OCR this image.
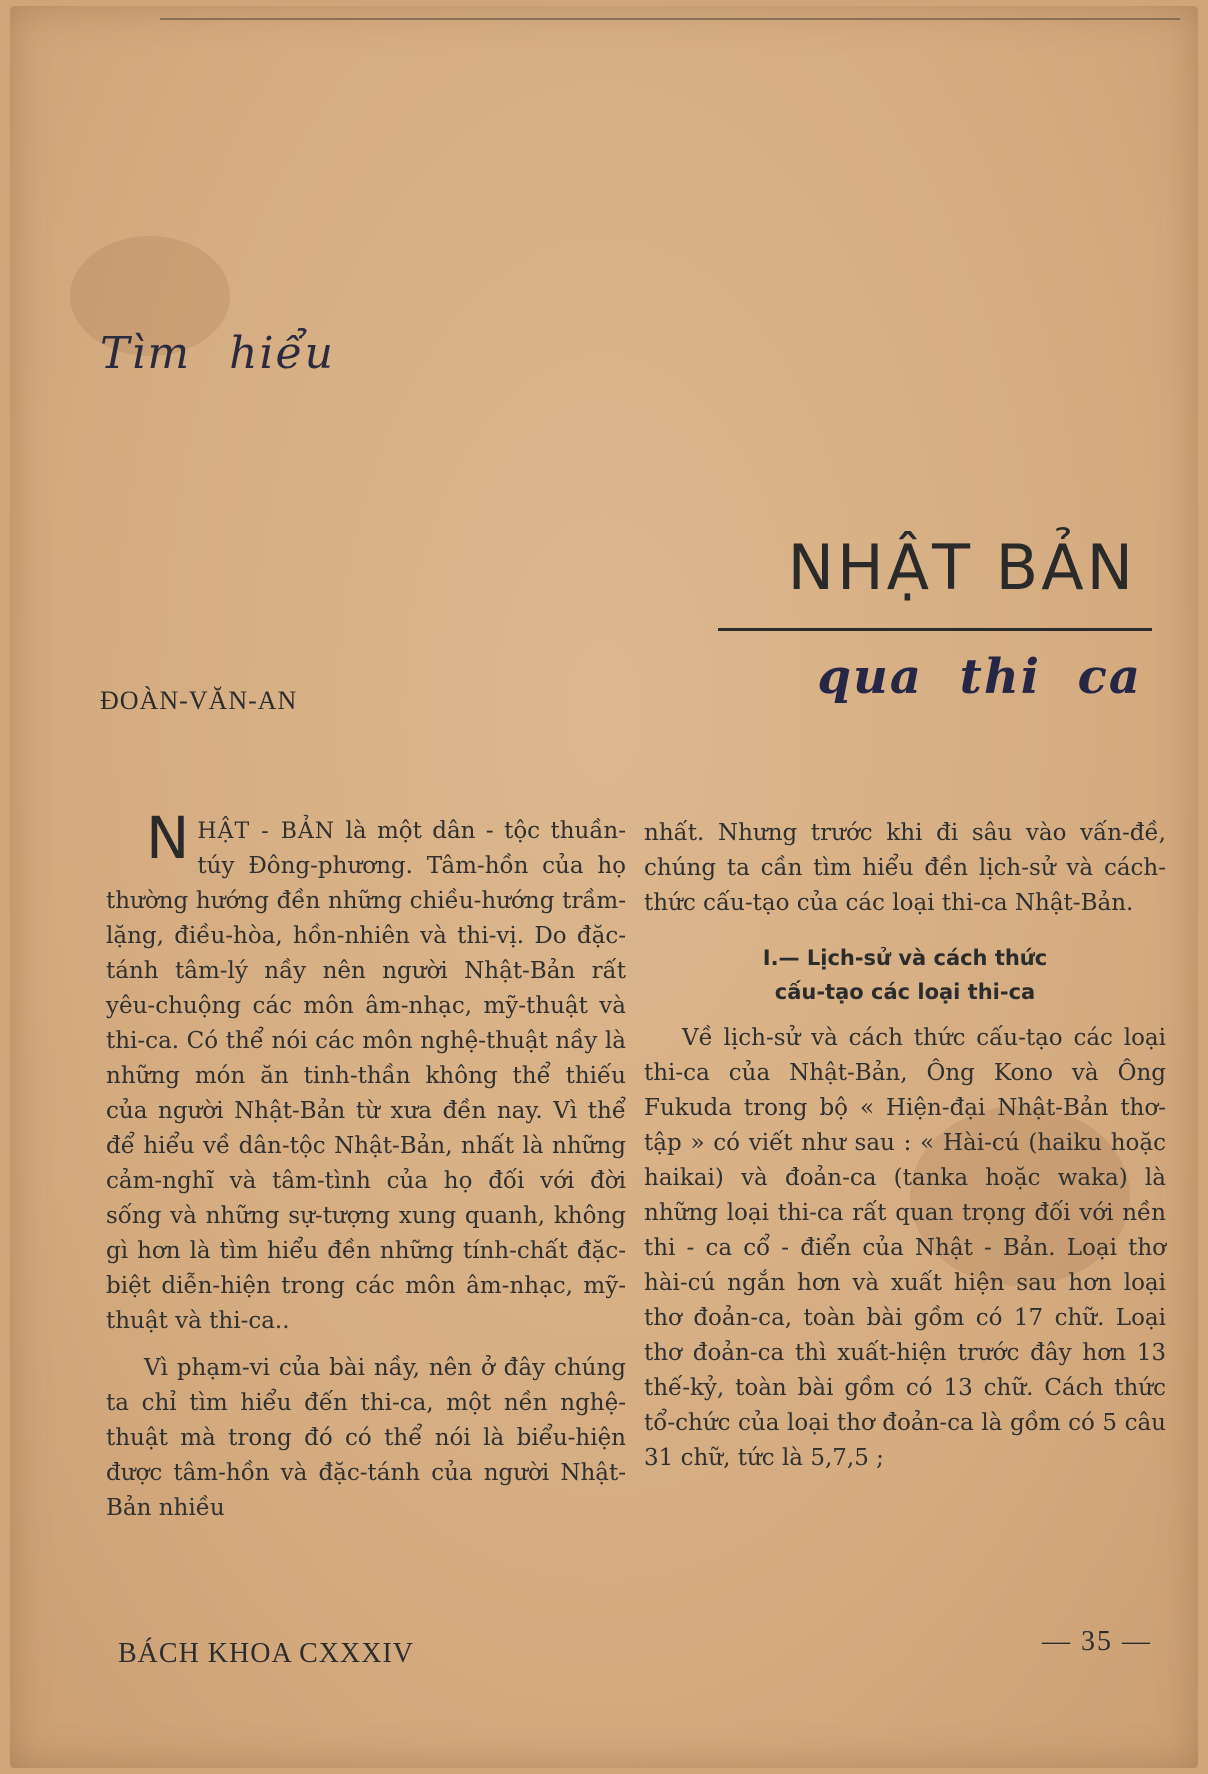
Tìm hiểu
NHẬT BẢN
qua thi ca
ĐOÀN-VĂN-AN

NHẬT - BẢN là một dân - tộc thuần-túy Đông-phương. Tâm-hồn của họ thường hướng đền những chiều-hướng trầm-lặng, điều-hòa, hồn-nhiên và thi-vị. Do đặc-tánh tâm-lý nầy nên người Nhật-Bản rất yêu-chuộng các môn âm-nhạc, mỹ-thuật và thi-ca. Có thể nói các môn nghệ-thuật nầy là những món ăn tinh-thần không thể thiếu của người Nhật-Bản từ xưa đền nay. Vì thể để hiểu về dân-tộc Nhật-Bản, nhất là những cảm-nghĩ và tâm-tình của họ đối với đời sống và những sự-tượng xung quanh, không gì hơn là tìm hiểu đền những tính-chất đặc-biệt diễn-hiện trong các môn âm-nhạc, mỹ-thuật và thi-ca..

Vì phạm-vi của bài nầy, nên ở đây chúng ta chỉ tìm hiểu đến thi-ca, một nền nghệ-thuật mà trong đó có thể nói là biểu-hiện được tâm-hồn và đặc-tánh của người Nhật-Bản nhiều

nhất. Nhưng trước khi đi sâu vào vấn-đề, chúng ta cần tìm hiểu đền lịch-sử và cách-thức cấu-tạo của các loại thi-ca Nhật-Bản.

I.— Lịch-sử và cách thức
cấu-tạo các loại thi-ca

Về lịch-sử và cách thức cấu-tạo các loại thi-ca của Nhật-Bản, Ông Kono và Ông Fukuda trong bộ « Hiện-đại Nhật-Bản thơ-tập » có viết như sau : « Hài-cú (haiku hoặc haikai) và đoản-ca (tanka hoặc waka) là những loại thi-ca rất quan trọng đối với nền thi - ca cổ - điển của Nhật - Bản. Loại thơ hài-cú ngắn hơn và xuất hiện sau hơn loại thơ đoản-ca, toàn bài gồm có 17 chữ. Loại thơ đoản-ca thì xuất-hiện trước đây hơn 13 thế-kỷ, toàn bài gồm có 13 chữ. Cách thức tổ-chức của loại thơ đoản-ca là gồm có 5 câu 31 chữ, tức là 5,7,5 ;

BÁCH KHOA CXXXIV	— 35 —
